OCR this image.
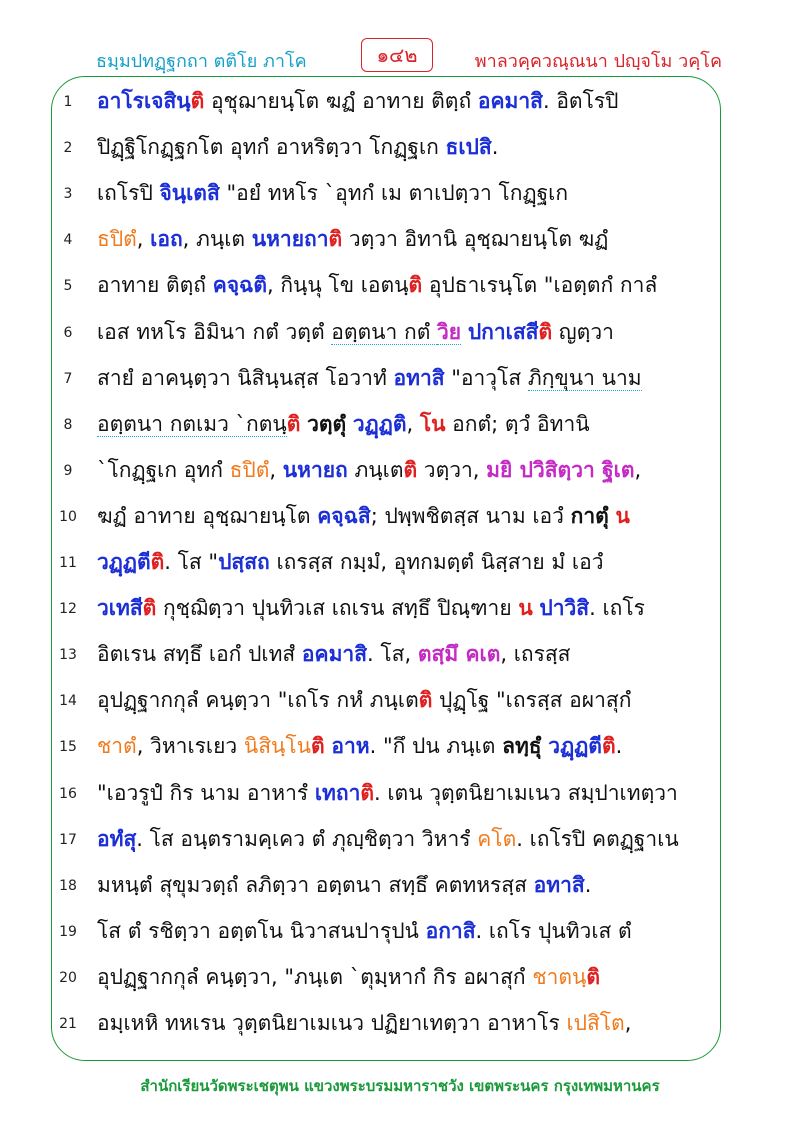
ธมฺมปทฏฺฐกถา ตติโย ภาโค	๑๔๒	พาลวคฺควณฺณนา ปญฺจโม วคฺโค
1	อาโรเจสินฺติ อุชุฌายนฺโต ฆฏํ อาทาย ติตฺถํ อคมาสิ. อิตโรปิ
2	ปิฏฺฐิโกฏฺฐกโต อุทกํ อาหริตฺวา โกฏฺฐเก ธเปสิ.
3	เถโรปิ จินฺเตสิ "อยํ ทหโร `อุทกํ เม ตาเปตฺวา โกฏฺฐเก
4	ธปิตํ, เอถ, ภนฺเต นหายถาติ วตฺวา อิทานิ อุชฺฌายนฺโต ฆฏํ
5	อาทาย ติตฺถํ คจฺฉติ, กินฺนุ โข เอตนฺติ อุปธาเรนฺโต "เอตฺตกํ กาลํ
6	เอส ทหโร อิมินา กตํ วตฺตํ อตฺตนา กตํ วิย ปกาเสสีติ ญตฺวา
7	สายํ อาคนฺตฺวา นิสินฺนสฺส โอวาทํ อทาสิ "อาวุโส ภิกฺขุนา นาม
8	อตฺตนา กตเมว `กตนฺติ วตฺตุํ วฏฺฏติ, โน อกตํ; ตฺวํ อิทานิ
9	`โกฏฺฐเก อุทกํ ธปิตํ, นหายถ ภนฺเตติ วตฺวา, มยิ ปวิสิตฺวา ฐิเต,
10 ฆฏํ อาทาย อุชฺฌายนฺโต คจฺฉสิ; ปพฺพชิตสฺส นาม เอวํ กาตุํ น
11 วฏฺฏตีติ. โส "ปสฺสถ เถรสฺส กมฺมํ, อุทกมตฺตํ นิสฺสาย มํ เอวํ
12 วเทสีติ กุชฺฌิตฺวา ปุนทิวเส เถเรน สทฺธึ ปิณฺฑาย น ปาวิสิ. เถโร
13 อิตเรน สทฺธึ เอกํ ปเทสํ อคมาสิ. โส, ตสฺมึ คเต, เถรสฺส
14 อุปฏฺฐากกุลํ คนฺตฺวา "เถโร กหํ ภนฺเตติ ปุฏฺโฐ "เถรสฺส อผาสุกํ
15 ชาตํ, วิหาเรเยว นิสินฺโนติ อาห. "กึ ปน ภนฺเต ลทฺธุํ วฏฺฏตีติ.
16 "เอวรูปํ กิร นาม อาหารํ เทถาติ. เตน วุตฺตนิยาเมเนว สมฺปาเทตฺวา
17 อทํสุ. โส อนฺตรามคฺเคว ตํ ภุญฺชิตฺวา วิหารํ คโต. เถโรปิ คตฏฺฐาเน
18 มหนฺตํ สุขุมวตฺถํ ลภิตฺวา อตฺตนา สทฺธึ คตทหรสฺส อทาสิ.
19 โส ตํ รชิตฺวา อตฺตโน นิวาสนปารุปนํ อกาสิ. เถโร ปุนทิวเส ตํ
20 อุปฏฺฐากกุลํ คนฺตฺวา, "ภนฺเต `ตุมฺหากํ กิร อผาสุกํ ชาตนฺติ
21 อมฺเหหิ ทหเรน วุตฺตนิยาเมเนว ปฏิยาเทตฺวา อาหาโร เปสิโต,
สำนักเรียนวัดพระเชตุพน แขวงพระบรมมหาราชวัง เขตพระนคร กรุงเทพมหานคร
